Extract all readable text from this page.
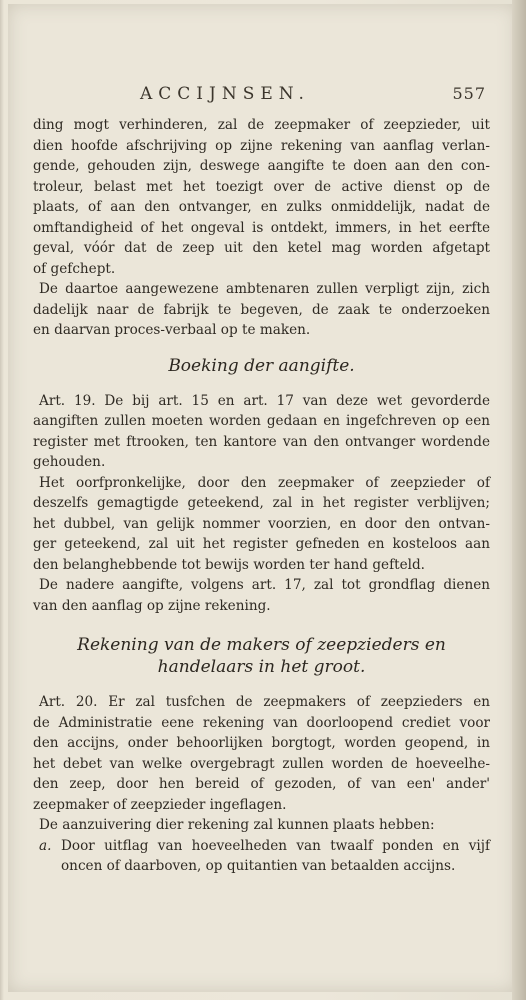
ACCIJNSEN.	557

ding mogt verhinderen, zal de zeepmaker of zeepzieder, uit
dien hoofde afschrijving op zijne rekening van aanflag verlan-
gende, gehouden zijn, deswege aangifte te doen aan den con-
troleur, belast met het toezigt over de active dienst op de
plaats, of aan den ontvanger, en zulks onmiddelijk, nadat de
omftandigheid of het ongeval is ontdekt, immers, in het eerfte
geval, vóór dat de zeep uit den ketel mag worden afgetapt
of gefchept.

De daartoe aangewezene ambtenaren zullen verpligt zijn, zich
dadelijk naar de fabrijk te begeven, de zaak te onderzoeken
en daarvan proces-verbaal op te maken.

Boeking der aangifte.

Art. 19. De bij art. 15 en art. 17 van deze wet gevorderde
aangiften zullen moeten worden gedaan en ingefchreven op een
register met ftrooken, ten kantore van den ontvanger wordende
gehouden.

Het oorfpronkelijke, door den zeepmaker of zeepzieder of
deszelfs gemagtigde geteekend, zal in het register verblijven;
het dubbel, van gelijk nommer voorzien, en door den ontvan-
ger geteekend, zal uit het register gefneden en kosteloos aan
den belanghebbende tot bewijs worden ter hand gefteld.

De nadere aangifte, volgens art. 17, zal tot grondflag dienen
van den aanflag op zijne rekening.

Rekening van de makers of zeepzieders en
handelaars in het groot.

Art. 20. Er zal tusfchen de zeepmakers of zeepzieders en
de Administratie eene rekening van doorloopend crediet voor
den accijns, onder behoorlijken borgtogt, worden geopend, in
het debet van welke overgebragt zullen worden de hoeveelhe-
den zeep, door hen bereid of gezoden, of van een' ander'
zeepmaker of zeepzieder ingeflagen.

De aanzuivering dier rekening zal kunnen plaats hebben:

a. Door uitflag van hoeveelheden van twaalf ponden en vijf
oncen of daarboven, op quitantien van betaalden accijns.
